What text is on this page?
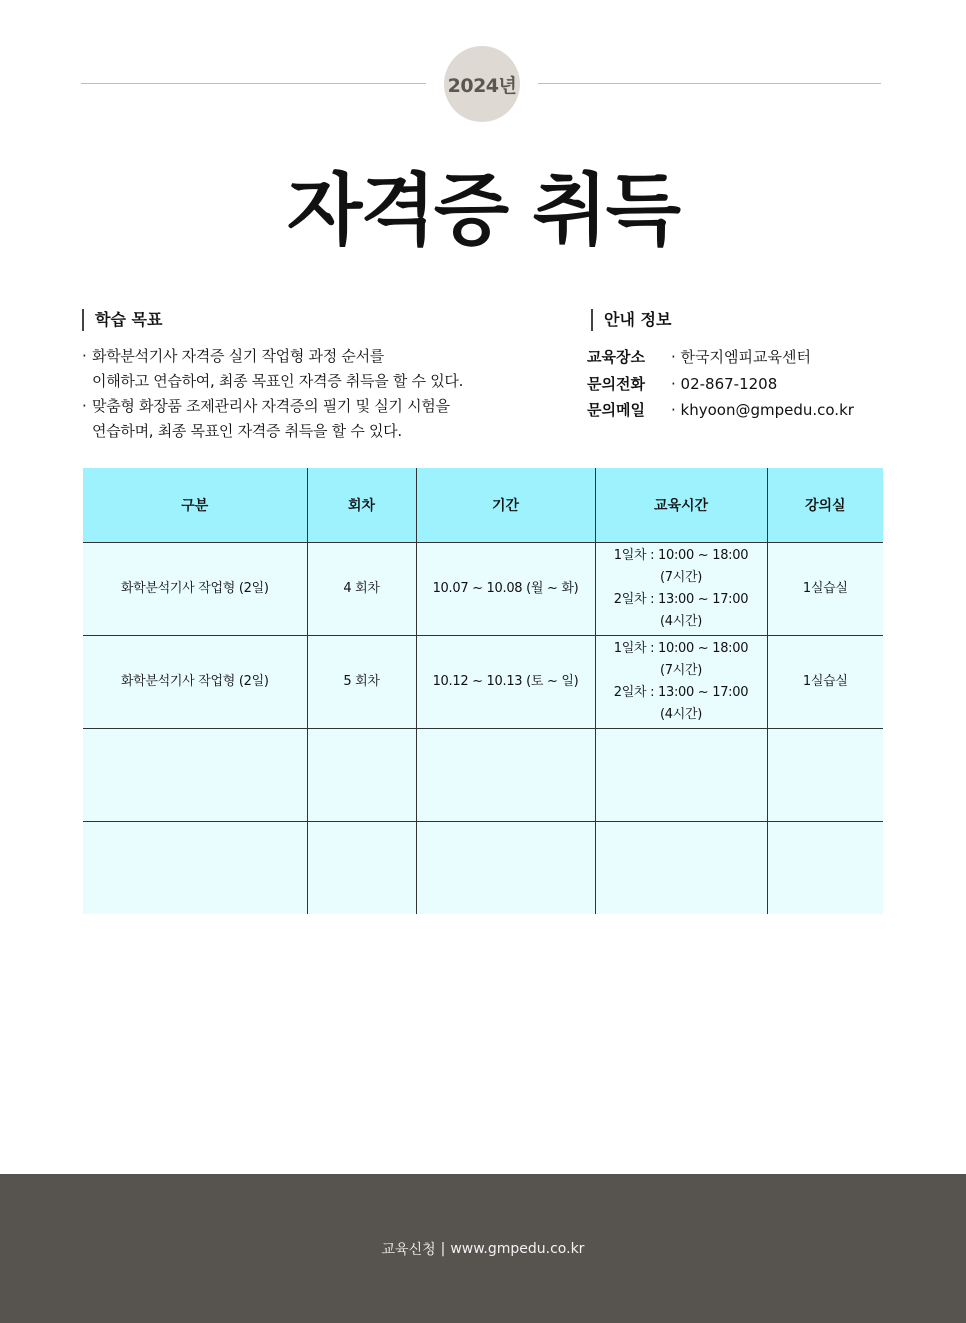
2024년
자격증 취득
학습 목표
· 화학분석기사 자격증 실기 작업형 과정 순서를
이해하고 연습하여, 최종 목표인 자격증 취득을 할 수 있다.
· 맞춤형 화장품 조제관리사 자격증의 필기 및 실기 시험을
연습하며, 최종 목표인 자격증 취득을 할 수 있다.
안내 정보
교육장소	· 한국지엠피교육센터
문의전화	· 02-867-1208
문의메일	· khyoon@gmpedu.co.kr
구분	회차	기간	교육시간	강의실
화학분석기사 작업형 (2일)	4 회차	10.07 ~ 10.08 (월 ~ 화)	1일차 : 10:00 ~ 18:00
(7시간)
2일차 : 13:00 ~ 17:00
(4시간)	1실습실
화학분석기사 작업형 (2일)	5 회차	10.12 ~ 10.13 (토 ~ 일)	1일차 : 10:00 ~ 18:00
(7시간)
2일차 : 13:00 ~ 17:00
(4시간)	1실습실

교육신청 | www.gmpedu.co.kr
